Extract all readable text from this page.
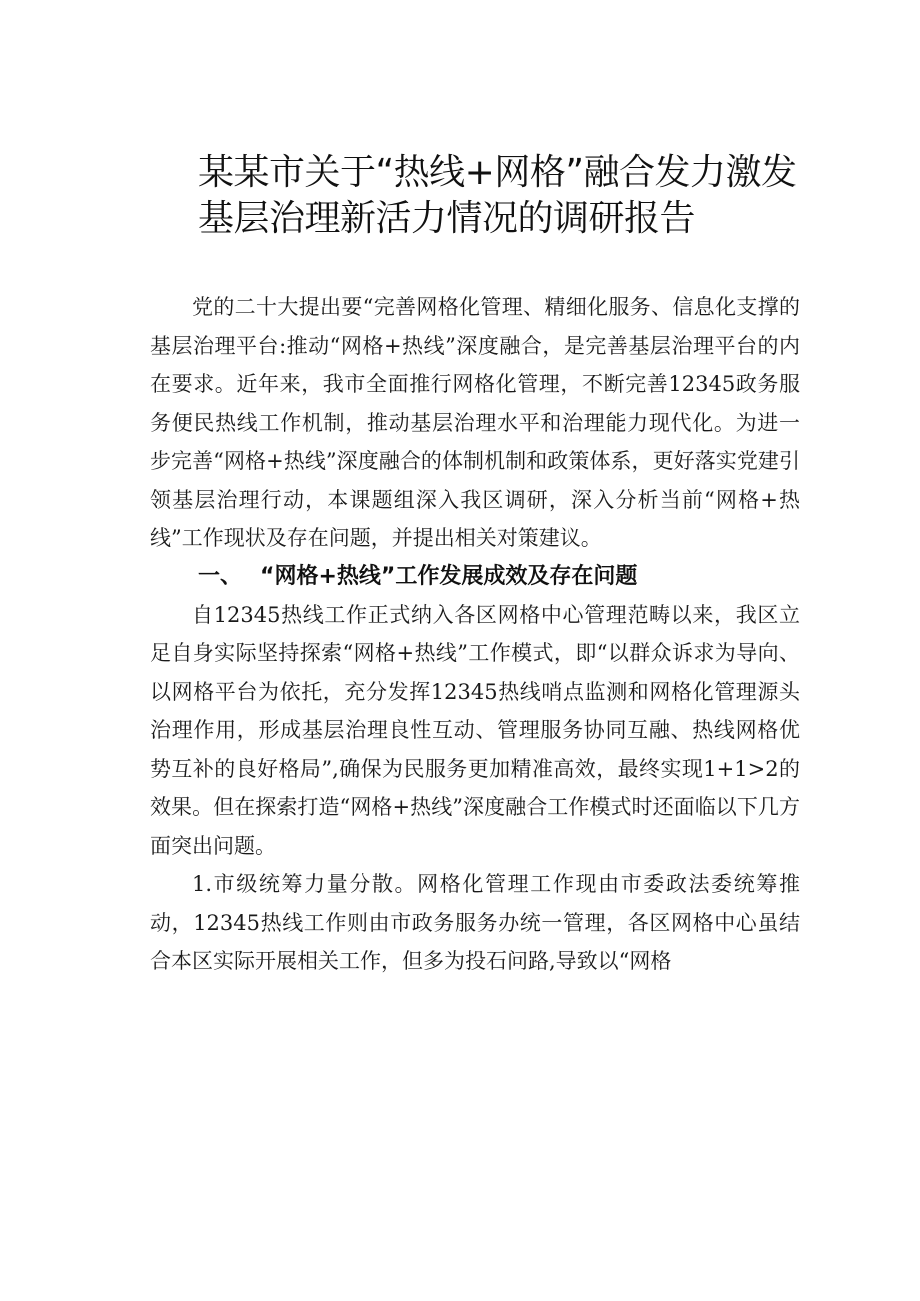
某某市关于“热线+网格”融合发力激发
基层治理新活力情况的调研报告

党的二十大提出要“完善网格化管理、精细化服务、信息化支撑的基层治理平台:推动“网格+热线”深度融合，是完善基层治理平台的内在要求。近年来，我市全面推行网格化管理，不断完善12345政务服务便民热线工作机制，推动基层治理水平和治理能力现代化。为进一步完善“网格+热线”深度融合的体制机制和政策体系，更好落实党建引领基层治理行动，本课题组深入我区调研，深入分析当前“网格+热线”工作现状及存在问题，并提出相关对策建议。

一、 “网格+热线”工作发展成效及存在问题

自12345热线工作正式纳入各区网格中心管理范畴以来，我区立足自身实际坚持探索“网格+热线”工作模式，即“以群众诉求为导向、以网格平台为依托，充分发挥12345热线哨点监测和网格化管理源头治理作用，形成基层治理良性互动、管理服务协同互融、热线网格优势互补的良好格局”,确保为民服务更加精准高效，最终实现1+1>2的效果。但在探索打造“网格+热线”深度融合工作模式时还面临以下几方面突出问题。

1.市级统筹力量分散。网格化管理工作现由市委政法委统筹推动，12345热线工作则由市政务服务办统一管理，各区网格中心虽结合本区实际开展相关工作，但多为投石问路,导致以“网格
